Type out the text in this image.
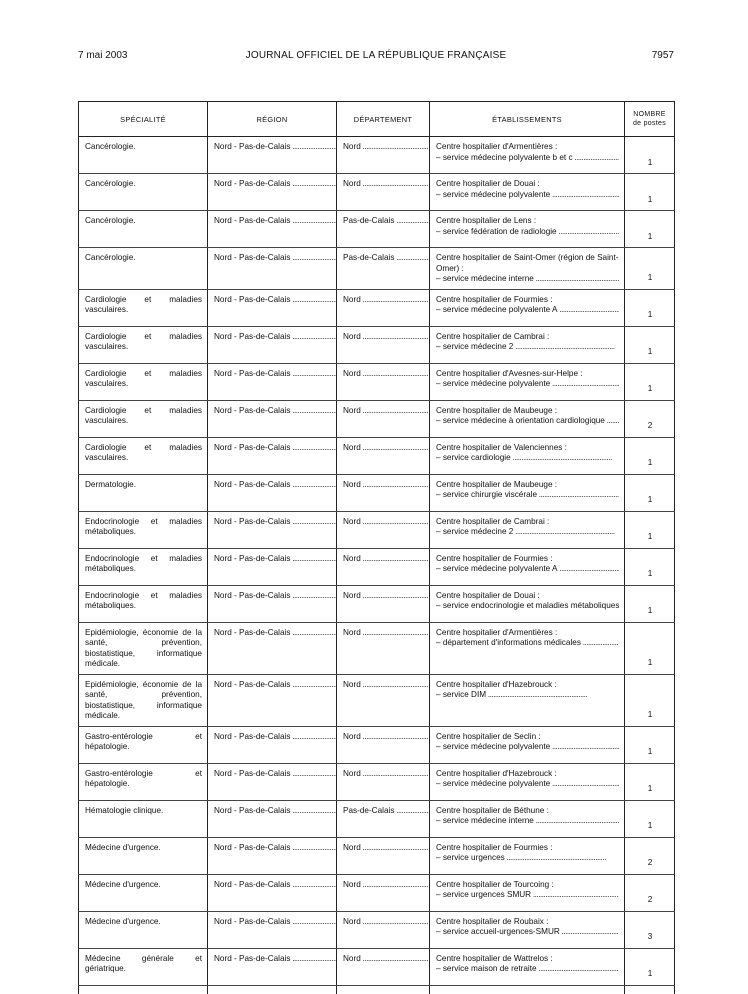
7 mai 2003	JOURNAL OFFICIEL DE LA RÉPUBLIQUE FRANÇAISE	7957
SPÉCIALITÉ	RÉGION	DÉPARTEMENT	ÉTABLISSEMENTS	NOMBRE
de postes
Cancérologie.	Nord - Pas-de-Calais .....	Nord .....	Centre hospitalier d'Armentières :
– service médecine polyvalente b et c .....	1
Cancérologie.	Nord - Pas-de-Calais .....	Nord .....	Centre hospitalier de Douai :
– service médecine polyvalente .....	1
Cancérologie.	Nord - Pas-de-Calais .....	Pas-de-Calais .....	Centre hospitalier de Lens :
– service fédération de radiologie .....	1
Cancérologie.	Nord - Pas-de-Calais .....	Pas-de-Calais .....	Centre hospitalier de Saint-Omer (région de Saint-Omer) :
– service médecine interne .....	1
Cardiologie et maladies vasculaires.	Nord - Pas-de-Calais .....	Nord .....	Centre hospitalier de Fourmies :
– service médecine polyvalente A .....	1
Cardiologie et maladies vasculaires.	Nord - Pas-de-Calais .....	Nord .....	Centre hospitalier de Cambrai :
– service médecine 2 .....	1
Cardiologie et maladies vasculaires.	Nord - Pas-de-Calais .....	Nord .....	Centre hospitalier d'Avesnes-sur-Helpe :
– service médecine polyvalente .....	1
Cardiologie et maladies vasculaires.	Nord - Pas-de-Calais .....	Nord .....	Centre hospitalier de Maubeuge :
– service médecine à orientation cardiologique .....	2
Cardiologie et maladies vasculaires.	Nord - Pas-de-Calais .....	Nord .....	Centre hospitalier de Valenciennes :
– service cardiologie .....	1
Dermatologie.	Nord - Pas-de-Calais .....	Nord .....	Centre hospitalier de Maubeuge :
– service chirurgie viscérale .....	1
Endocrinologie et maladies métaboliques.	Nord - Pas-de-Calais .....	Nord .....	Centre hospitalier de Cambrai :
– service médecine 2 .....	1
Endocrinologie et maladies métaboliques.	Nord - Pas-de-Calais .....	Nord .....	Centre hospitalier de Fourmies :
– service médecine polyvalente A .....	1
Endocrinologie et maladies métaboliques.	Nord - Pas-de-Calais .....	Nord .....	Centre hospitalier de Douai :
– service endocrinologie et maladies métaboliques .....	1
Epidémiologie, économie de la santé, prévention, biostatistique, informatique médicale.	Nord - Pas-de-Calais .....	Nord .....	Centre hospitalier d'Armentières :
– département d'informations médicales .....	1
Epidémiologie, économie de la santé, prévention, biostatistique, informatique médicale.	Nord - Pas-de-Calais .....	Nord .....	Centre hospitalier d'Hazebrouck :
– service DIM .....	1
Gastro-entérologie et hépatologie.	Nord - Pas-de-Calais .....	Nord .....	Centre hospitalier de Seclin :
– service médecine polyvalente .....	1
Gastro-entérologie et hépatologie.	Nord - Pas-de-Calais .....	Nord .....	Centre hospitalier d'Hazebrouck :
– service médecine polyvalente .....	1
Hématologie clinique.	Nord - Pas-de-Calais .....	Pas-de-Calais .....	Centre hospitalier de Béthune :
– service médecine interne .....	1
Médecine d'urgence.	Nord - Pas-de-Calais .....	Nord .....	Centre hospitalier de Fourmies :
– service urgences .....	2
Médecine d'urgence.	Nord - Pas-de-Calais .....	Nord .....	Centre hospitalier de Tourcoing :
– service urgences SMUR .....	2
Médecine d'urgence.	Nord - Pas-de-Calais .....	Nord .....	Centre hospitalier de Roubaix :
– service accueil-urgences-SMUR .....	3
Médecine générale et gériatrique.	Nord - Pas-de-Calais .....	Nord .....	Centre hospitalier de Wattrelos :
– service maison de retraite .....	1
